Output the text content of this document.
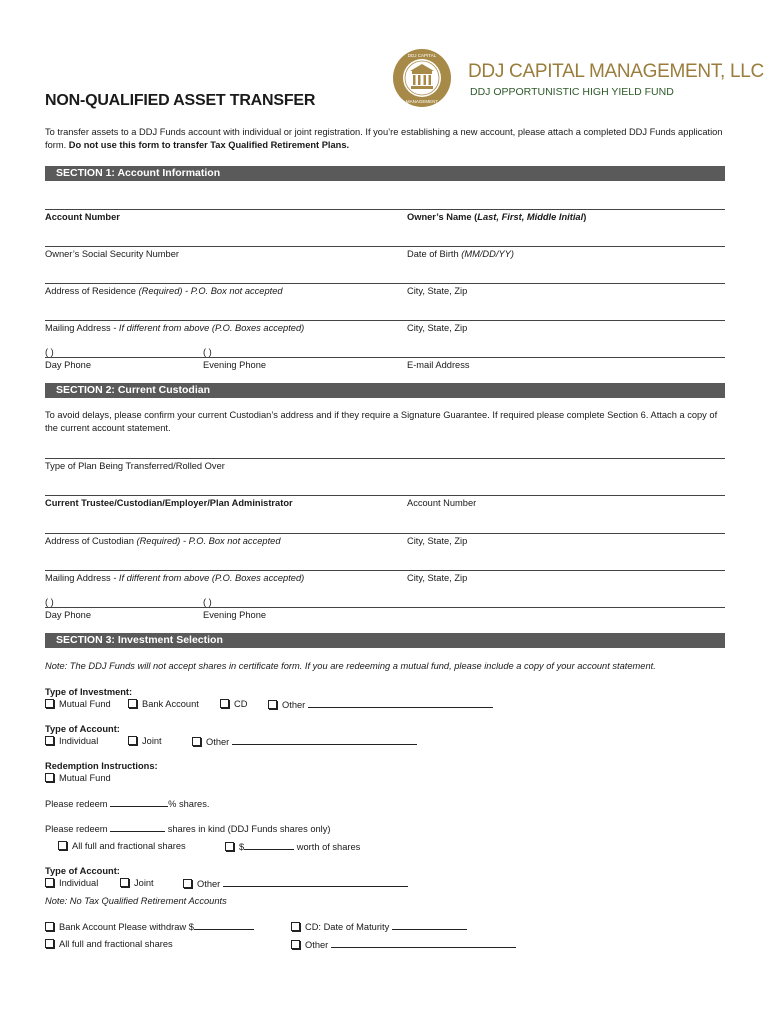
DDJ CAPITAL
MANAGEMENT
DDJ CAPITAL MANAGEMENT, LLC
DDJ OPPORTUNISTIC HIGH YIELD FUND
NON-QUALIFIED ASSET TRANSFER
To transfer assets to a DDJ Funds account with individual or joint registration. If you’re establishing a new account, please attach a completed DDJ Funds application form. Do not use this form to transfer Tax Qualified Retirement Plans.
SECTION 1: Account Information
Account Number	Owner’s Name (Last, First, Middle Initial)
Owner’s Social Security Number	Date of Birth (MM/DD/YY)
Address of Residence (Required) - P.O. Box not accepted	City, State, Zip
Mailing Address - If different from above (P.O. Boxes accepted)	City, State, Zip
( )	( )
Day Phone	Evening Phone	E-mail Address
SECTION 2: Current Custodian
To avoid delays, please confirm your current Custodian’s address and if they require a Signature Guarantee. If required please complete Section 6. Attach a copy of the current account statement.
Type of Plan Being Transferred/Rolled Over
Current Trustee/Custodian/Employer/Plan Administrator	Account Number
Address of Custodian (Required) - P.O. Box not accepted	City, State, Zip
Mailing Address - If different from above (P.O. Boxes accepted)	City, State, Zip
( )	( )
Day Phone	Evening Phone
SECTION 3: Investment Selection
Note: The DDJ Funds will not accept shares in certificate form. If you are redeeming a mutual fund, please include a copy of your account statement.
Type of Investment:
Mutual Fund	Bank Account	CD	Other
Type of Account:
Individual	Joint	Other
Redemption Instructions:
Mutual Fund
Please redeem	% shares.
Please redeem	shares in kind (DDJ Funds shares only)
All full and fractional shares	$	worth of shares
Type of Account:
Individual	Joint	Other
Note: No Tax Qualified Retirement Accounts
Bank Account Please withdraw $	CD: Date of Maturity
All full and fractional shares	Other
